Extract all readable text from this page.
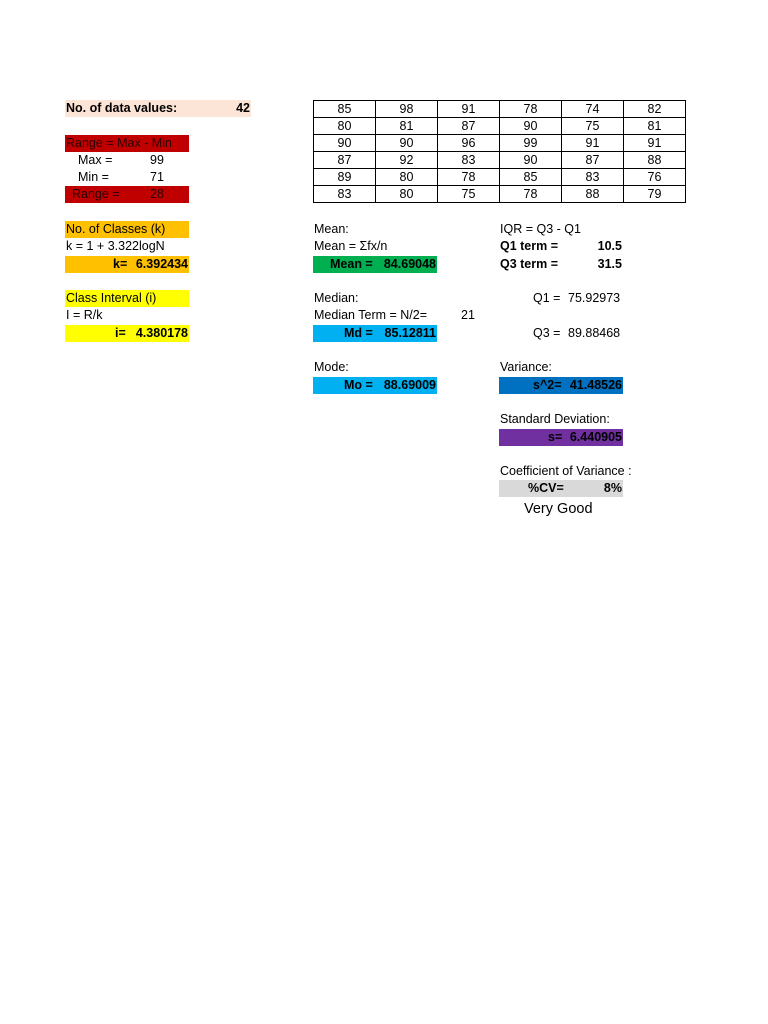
No. of data values:	42
Range = Max - Min
Max =	99
Min =	71
Range = 28
No. of Classes (k)
k = 1 + 3.322logN
k= 6.392434
Class Interval (i)
I = R/k
i= 4.380178
85	98	91	78	74	82
80	81	87	90	75	81
90	90	96	99	91	91
87	92	83	90	87	88
89	80	78	85	83	76
83	80	75	78	88	79
Mean:
Mean = Σfx/n
Mean = 84.69048
Median:
Median Term = N/2=	21
Md = 85.12811
Mode:
Mo = 88.69009
IQR = Q3 - Q1
Q1 term =	10.5
Q3 term =	31.5
Q1 = 75.92973
Q3 = 89.88468
Variance:
s^2= 41.48526
Standard Deviation:
s= 6.440905
Coefficient of Variance :
%CV=	8%
Very Good
